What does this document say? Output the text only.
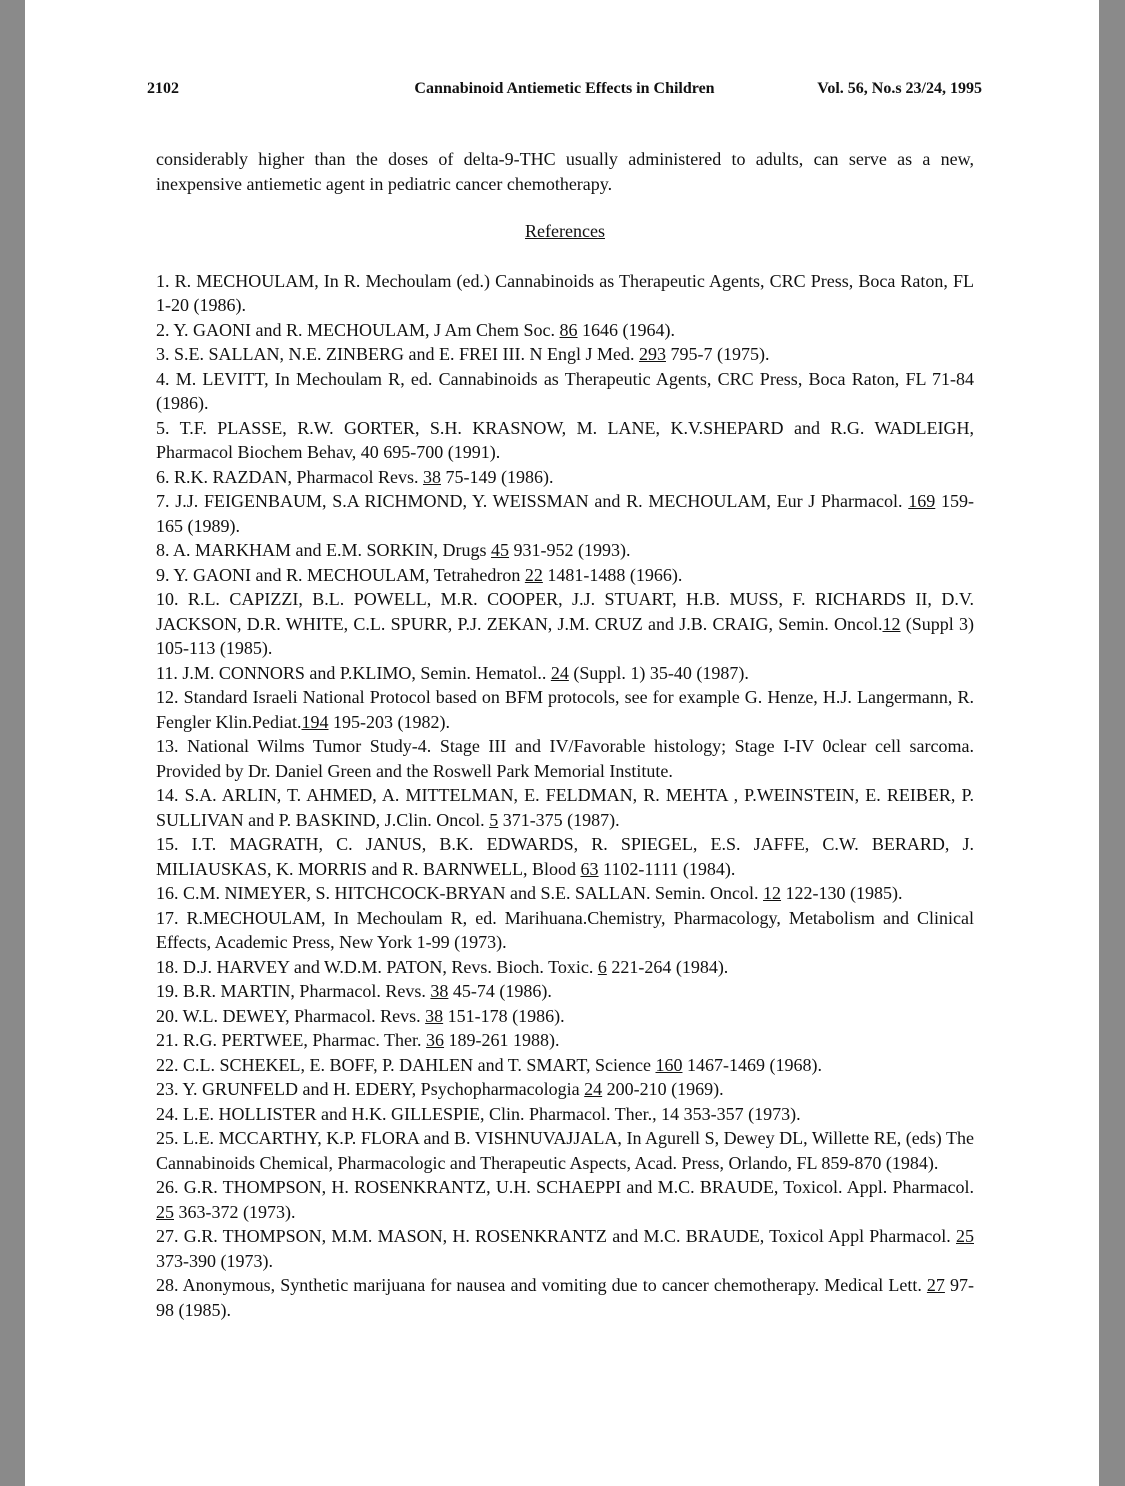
2102	Cannabinoid Antiemetic Effects in Children	Vol. 56, No.s 23/24, 1995

considerably higher than the doses of delta-9-THC usually administered to adults, can serve as a new, inexpensive antiemetic agent in pediatric cancer chemotherapy.

References

1. R. MECHOULAM, In R. Mechoulam (ed.) Cannabinoids as Therapeutic Agents, CRC Press, Boca Raton, FL 1-20 (1986).

2. Y. GAONI and R. MECHOULAM, J Am Chem Soc. 86 1646 (1964).

3. S.E. SALLAN, N.E. ZINBERG and E. FREI III. N Engl J Med. 293 795-7 (1975).

4. M. LEVITT, In Mechoulam R, ed. Cannabinoids as Therapeutic Agents, CRC Press, Boca Raton, FL 71-84 (1986).

5. T.F. PLASSE, R.W. GORTER, S.H. KRASNOW, M. LANE, K.V.SHEPARD and R.G. WADLEIGH, Pharmacol Biochem Behav, 40 695-700 (1991).

6. R.K. RAZDAN, Pharmacol Revs. 38 75-149 (1986).

7. J.J. FEIGENBAUM, S.A RICHMOND, Y. WEISSMAN and R. MECHOULAM, Eur J Pharmacol. 169 159-165 (1989).

8. A. MARKHAM and E.M. SORKIN, Drugs 45 931-952 (1993).

9. Y. GAONI and R. MECHOULAM, Tetrahedron 22 1481-1488 (1966).

10. R.L. CAPIZZI, B.L. POWELL, M.R. COOPER, J.J. STUART, H.B. MUSS, F. RICHARDS II, D.V. JACKSON, D.R. WHITE, C.L. SPURR, P.J. ZEKAN, J.M. CRUZ and J.B. CRAIG, Semin. Oncol.12 (Suppl 3) 105-113 (1985).

11. J.M. CONNORS and P.KLIMO, Semin. Hematol.. 24 (Suppl. 1) 35-40 (1987).

12. Standard Israeli National Protocol based on BFM protocols, see for example G. Henze, H.J. Langermann, R. Fengler Klin.Pediat.194 195-203 (1982).

13. National Wilms Tumor Study-4. Stage III and IV/Favorable histology; Stage I-IV 0clear cell sarcoma. Provided by Dr. Daniel Green and the Roswell Park Memorial Institute.

14. S.A. ARLIN, T. AHMED, A. MITTELMAN, E. FELDMAN, R. MEHTA , P.WEINSTEIN, E. REIBER, P. SULLIVAN and P. BASKIND, J.Clin. Oncol. 5 371-375 (1987).

15. I.T. MAGRATH, C. JANUS, B.K. EDWARDS, R. SPIEGEL, E.S. JAFFE, C.W. BERARD, J. MILIAUSKAS, K. MORRIS and R. BARNWELL, Blood 63 1102-1111 (1984).

16. C.M. NIMEYER, S. HITCHCOCK-BRYAN and S.E. SALLAN. Semin. Oncol. 12 122-130 (1985).

17. R.MECHOULAM, In Mechoulam R, ed. Marihuana.Chemistry, Pharmacology, Metabolism and Clinical Effects, Academic Press, New York 1-99 (1973).

18. D.J. HARVEY and W.D.M. PATON, Revs. Bioch. Toxic. 6 221-264 (1984).

19. B.R. MARTIN, Pharmacol. Revs. 38 45-74 (1986).

20. W.L. DEWEY, Pharmacol. Revs. 38 151-178 (1986).

21. R.G. PERTWEE, Pharmac. Ther. 36 189-261 1988).

22. C.L. SCHEKEL, E. BOFF, P. DAHLEN and T. SMART, Science 160 1467-1469 (1968).

23. Y. GRUNFELD and H. EDERY, Psychopharmacologia 24 200-210 (1969).

24. L.E. HOLLISTER and H.K. GILLESPIE, Clin. Pharmacol. Ther., 14 353-357 (1973).

25. L.E. MCCARTHY, K.P. FLORA and B. VISHNUVAJJALA, In Agurell S, Dewey DL, Willette RE, (eds) The Cannabinoids Chemical, Pharmacologic and Therapeutic Aspects, Acad. Press, Orlando, FL 859-870 (1984).

26. G.R. THOMPSON, H. ROSENKRANTZ, U.H. SCHAEPPI and M.C. BRAUDE, Toxicol. Appl. Pharmacol. 25 363-372 (1973).

27. G.R. THOMPSON, M.M. MASON, H. ROSENKRANTZ and M.C. BRAUDE, Toxicol Appl Pharmacol. 25 373-390 (1973).

28. Anonymous, Synthetic marijuana for nausea and vomiting due to cancer chemotherapy. Medical Lett. 27 97-98 (1985).
